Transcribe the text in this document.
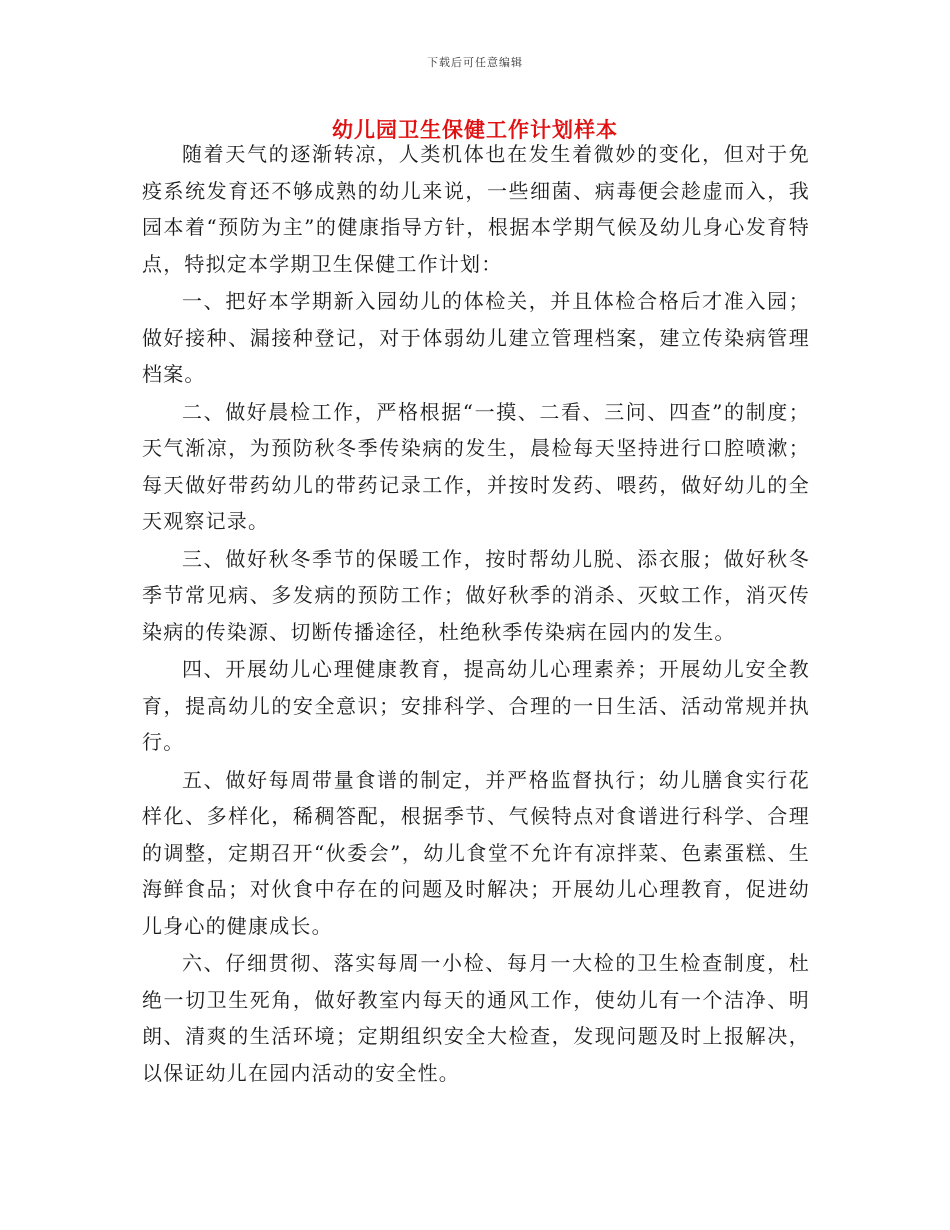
下载后可任意编辑
幼儿园卫生保健工作计划样本

随着天气的逐渐转凉，人类机体也在发生着微妙的变化，但对于免疫系统发育还不够成熟的幼儿来说，一些细菌、病毒便会趁虚而入，我园本着“预防为主”的健康指导方针，根据本学期气候及幼儿身心发育特点，特拟定本学期卫生保健工作计划：

一、把好本学期新入园幼儿的体检关，并且体检合格后才准入园；做好接种、漏接种登记，对于体弱幼儿建立管理档案，建立传染病管理档案。

二、做好晨检工作，严格根据“一摸、二看、三问、四查”的制度；天气渐凉，为预防秋冬季传染病的发生，晨检每天坚持进行口腔喷漱；每天做好带药幼儿的带药记录工作，并按时发药、喂药，做好幼儿的全天观察记录。

三、做好秋冬季节的保暖工作，按时帮幼儿脱、添衣服；做好秋冬季节常见病、多发病的预防工作；做好秋季的消杀、灭蚊工作，消灭传染病的传染源、切断传播途径，杜绝秋季传染病在园内的发生。

四、开展幼儿心理健康教育，提高幼儿心理素养；开展幼儿安全教育，提高幼儿的安全意识；安排科学、合理的一日生活、活动常规并执行。

五、做好每周带量食谱的制定，并严格监督执行；幼儿膳食实行花样化、多样化，稀稠答配，根据季节、气候特点对食谱进行科学、合理的调整，定期召开“伙委会”，幼儿食堂不允许有凉拌菜、色素蛋糕、生海鲜食品；对伙食中存在的问题及时解决；开展幼儿心理教育，促进幼儿身心的健康成长。

六、仔细贯彻、落实每周一小检、每月一大检的卫生检查制度，杜绝一切卫生死角，做好教室内每天的通风工作，使幼儿有一个洁净、明朗、清爽的生活环境；定期组织安全大检查，发现问题及时上报解决，以保证幼儿在园内活动的安全性。
